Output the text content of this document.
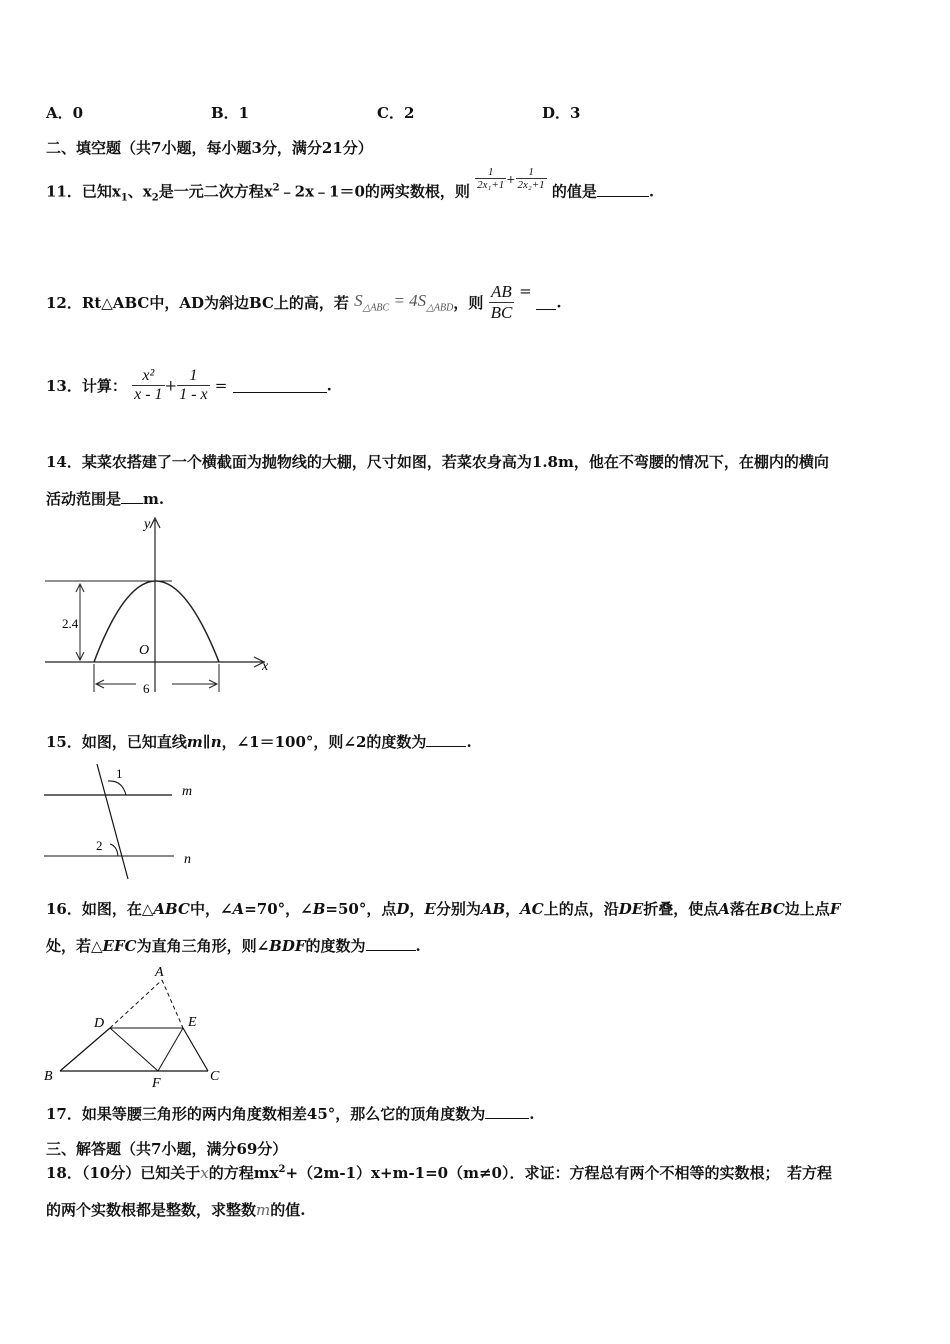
A．0	B．1	C．2	D．3
二、填空题（共7小题，每小题3分，满分21分）
11．已知$x_1$、$x_2$是一元二次方程$x^2﹣2x﹣1=0$的两实数根，则
$\frac{1}{\text{2x₁+1}} ^+ \frac{1}{\text{2x₂+1}}$
的值是	.
12．Rt△ABC中，AD为斜边BC上的高，若 $S_{\triangle ABC} = 4S_{\triangle ABD}$，则 $\frac{AB}{BC}$ = .
13．计算： $\frac{\text{x²}}{x - 1} + \frac{1}{1 - x}$ =	.
14．某菜农搭建了一个横截面为抛物线的大棚，尺寸如图，若菜农身高为1.8m，他在不弯腰的情况下，在棚内的横向
活动范围是 m.
y
x
2.4
O
6
15．如图，已知直线m∥n，∠1＝100°，则∠2的度数为	.
1
2
m
n
16．如图，在△ABC中，∠A=70°，∠B=50°，点D，E分别为AB，AC上的点，沿DE折叠，使点A落在BC边上点F
处，若△EFC为直角三角形，则∠BDF的度数为	.
A
B	C
D	E
F
17．如果等腰三角形的两内角度数相差45°，那么它的顶角度数为	.
三、解答题（共7小题，满分69分）
18．（10分）已知关于x的方程$mx^2+(2m-1)x+m-1=0(m\ne 0)$．求证：方程总有两个不相等的实数根；　若方程
的两个实数根都是整数，求整数m的值.
